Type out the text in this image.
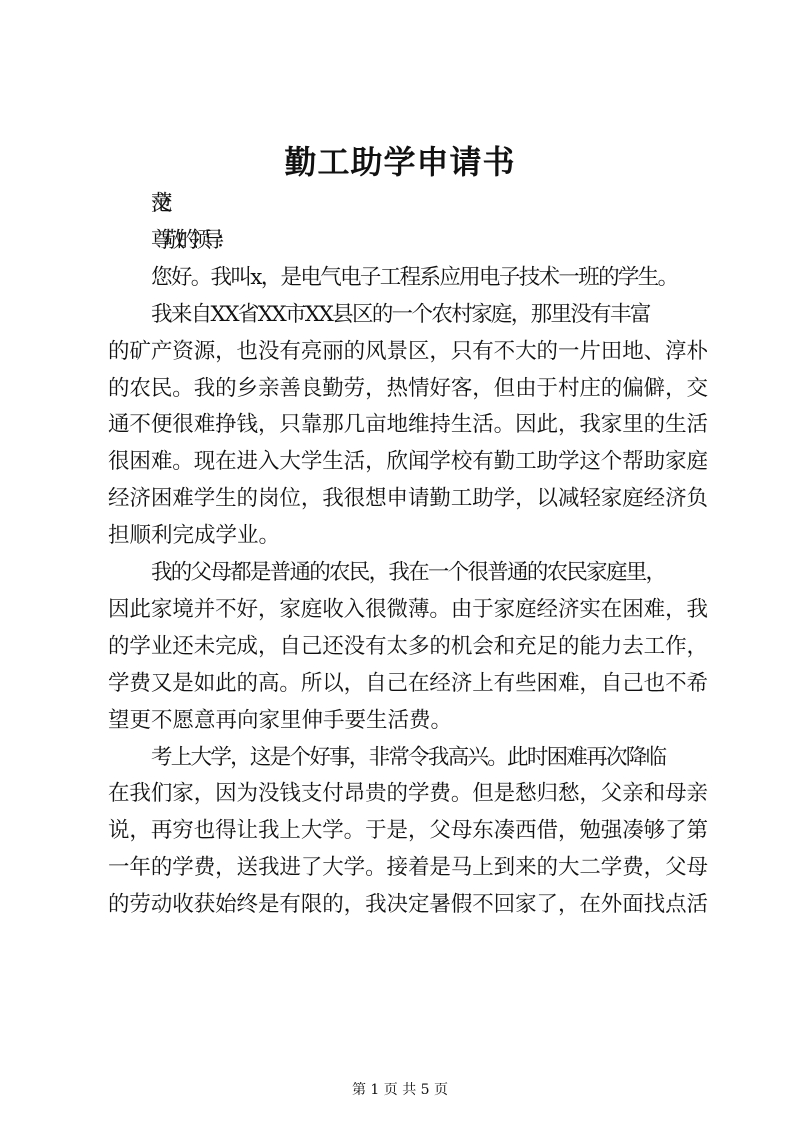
勤工助学申请书
范文一
尊敬的领导：
您好。我叫x，是电气电子工程系应用电子技术一班的学生。
我来自XX省XX市XX县区的一个农村家庭，那里没有丰富
的矿产资源，也没有亮丽的风景区，只有不大的一片田地、淳朴
的农民。我的乡亲善良勤劳，热情好客，但由于村庄的偏僻，交
通不便很难挣钱，只靠那几亩地维持生活。因此，我家里的生活
很困难。现在进入大学生活，欣闻学校有勤工助学这个帮助家庭
经济困难学生的岗位，我很想申请勤工助学，以减轻家庭经济负
担顺利完成学业。
我的父母都是普通的农民，我在一个很普通的农民家庭里，
因此家境并不好，家庭收入很微薄。由于家庭经济实在困难，我
的学业还未完成，自己还没有太多的机会和充足的能力去工作，
学费又是如此的高。所以，自己在经济上有些困难，自己也不希
望更不愿意再向家里伸手要生活费。
考上大学，这是个好事，非常令我高兴。此时困难再次降临
在我们家，因为没钱支付昂贵的学费。但是愁归愁，父亲和母亲
说，再穷也得让我上大学。于是，父母东凑西借，勉强凑够了第
一年的学费，送我进了大学。接着是马上到来的大二学费，父母
的劳动收获始终是有限的，我决定暑假不回家了，在外面找点活
第 1 页 共 5 页
